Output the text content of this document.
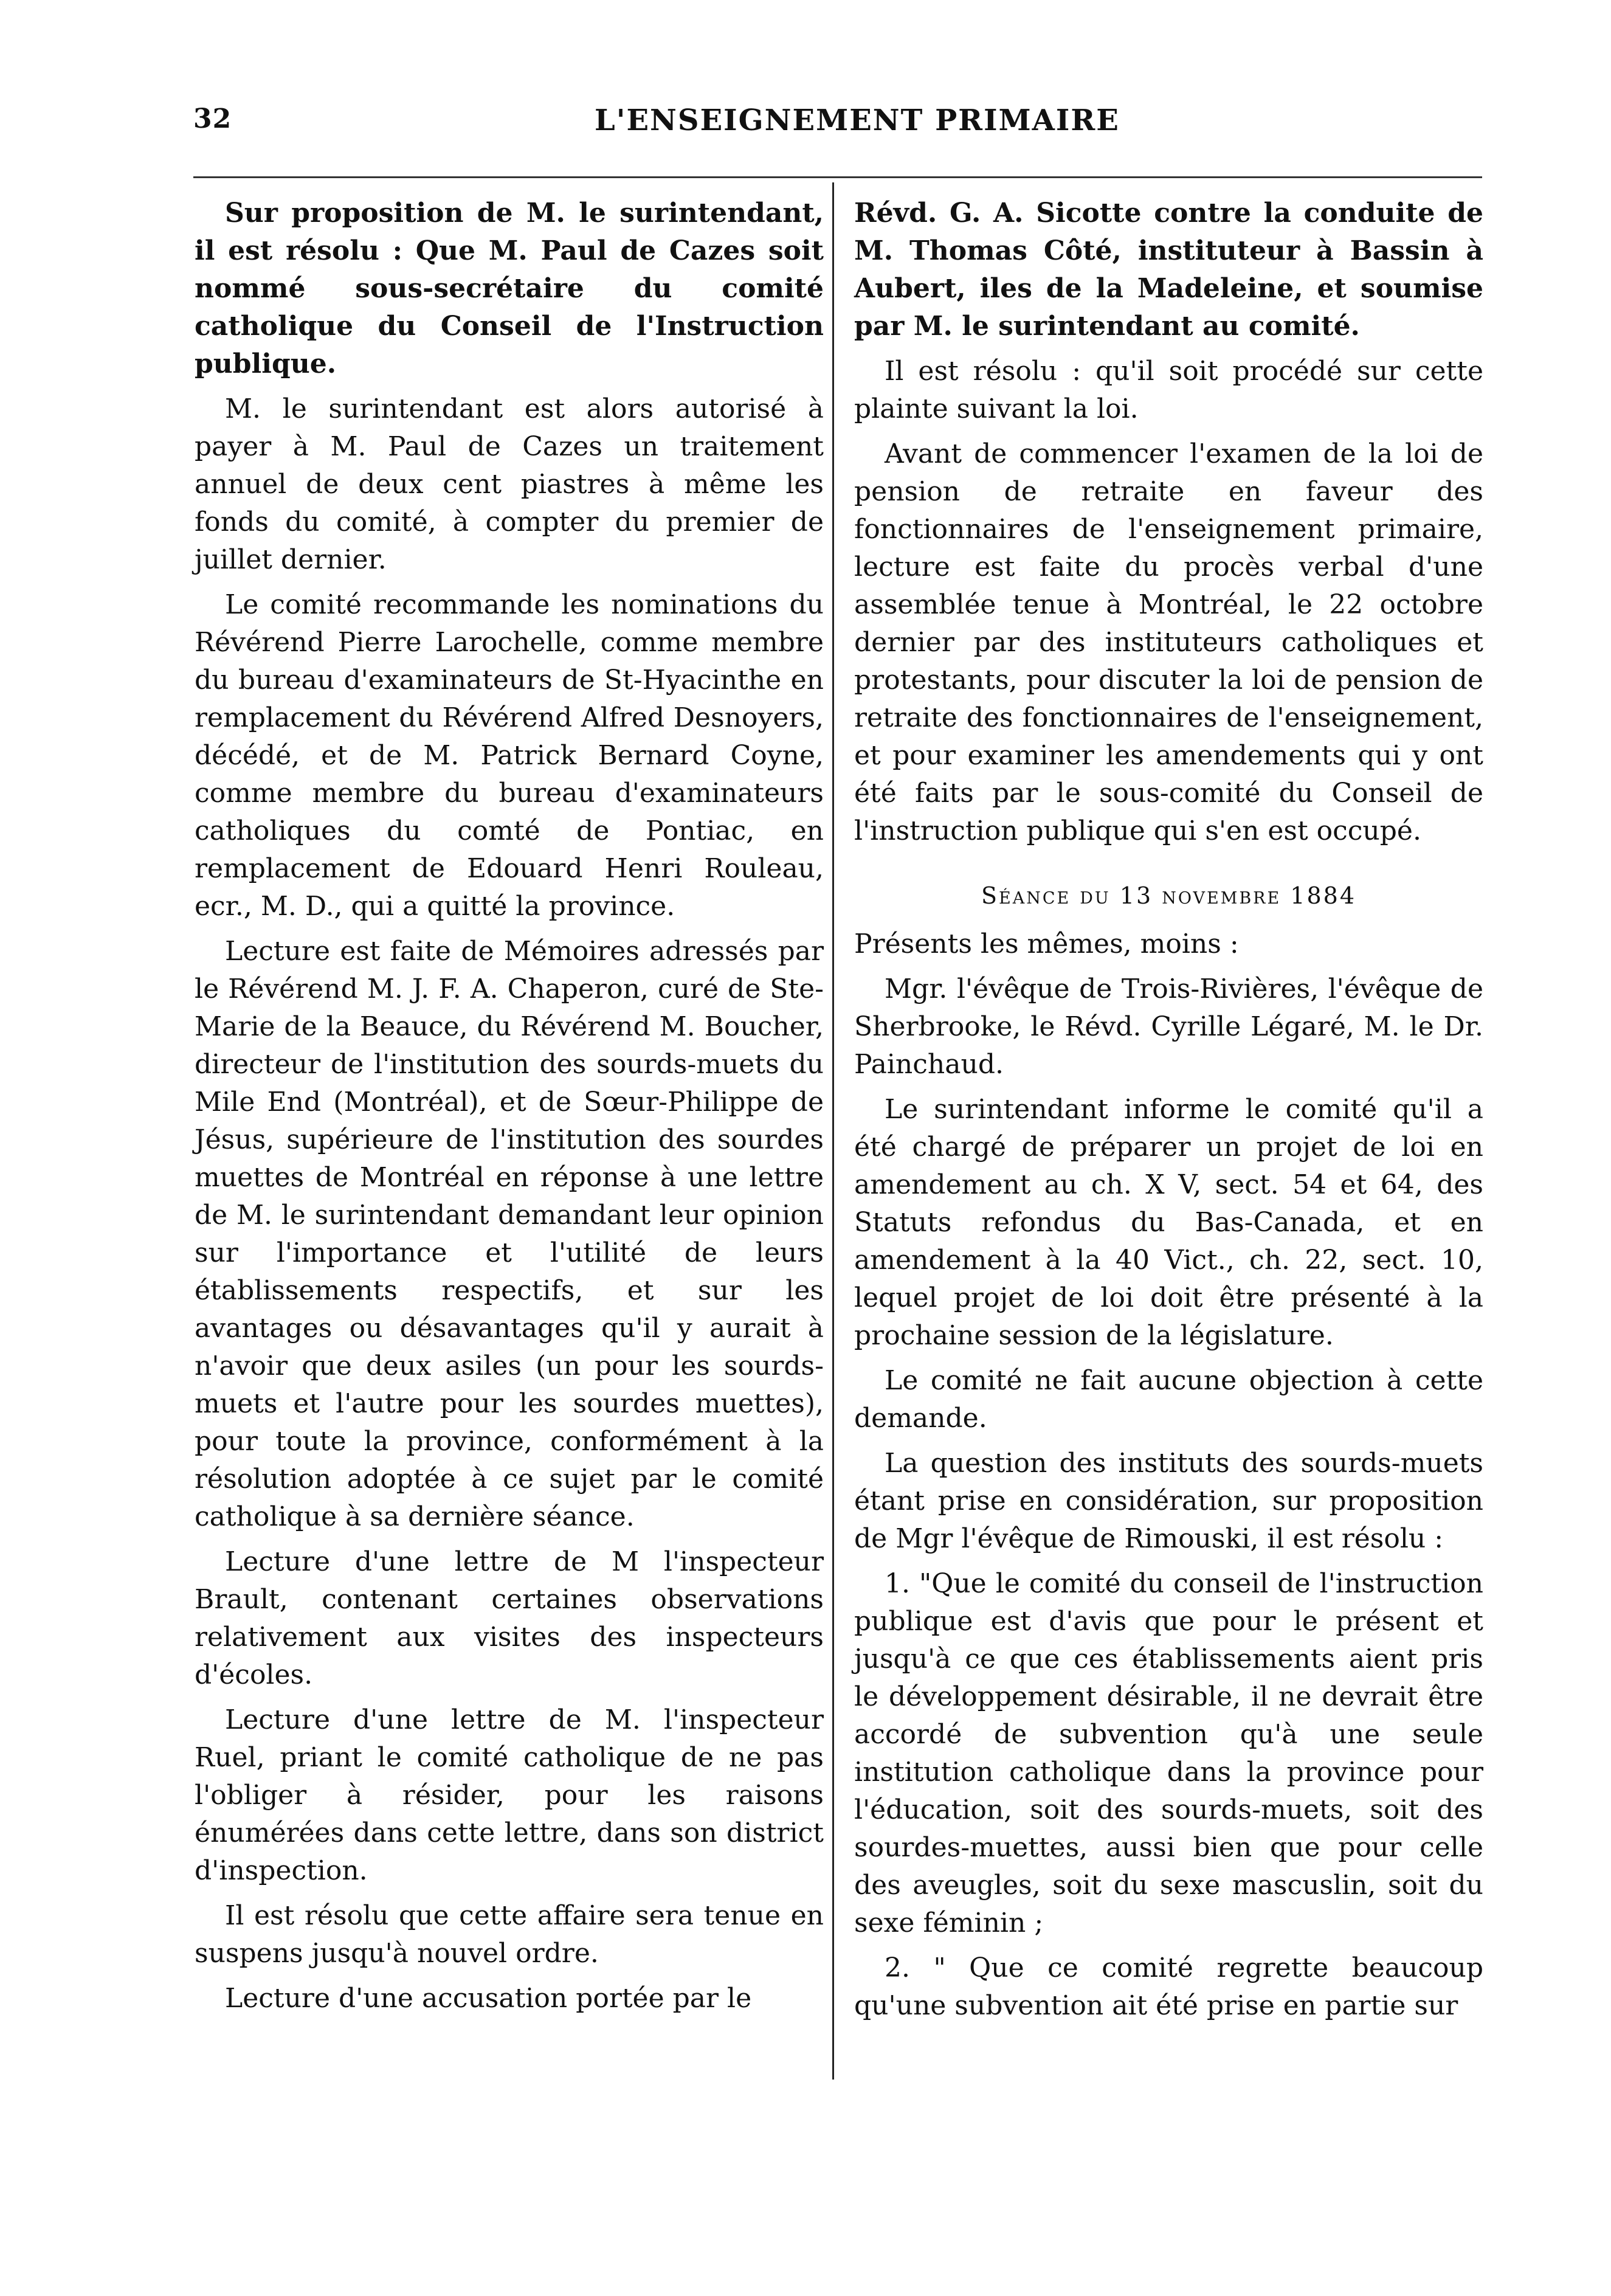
32	L'ENSEIGNEMENT PRIMAIRE

Sur proposition de M. le surintendant, il est résolu : Que M. Paul de Cazes soit nommé sous-secrétaire du comité catholique du Conseil de l'Instruction publique.

M. le surintendant est alors autorisé à payer à M. Paul de Cazes un traitement annuel de deux cent piastres à même les fonds du comité, à compter du premier de juillet dernier.

Le comité recommande les nominations du Révérend Pierre Larochelle, comme membre du bureau d'examinateurs de St-Hyacinthe en remplacement du Révérend Alfred Desnoyers, décédé, et de M. Patrick Bernard Coyne, comme membre du bureau d'examinateurs catholiques du comté de Pontiac, en remplacement de Edouard Henri Rouleau, ecr., M. D., qui a quitté la province.

Lecture est faite de Mémoires adressés par le Révérend M. J. F. A. Chaperon, curé de Ste-Marie de la Beauce, du Révérend M. Boucher, directeur de l'institution des sourds-muets du Mile End (Montréal), et de Sœur-Philippe de Jésus, supérieure de l'institution des sourdes muettes de Montréal en réponse à une lettre de M. le surintendant demandant leur opinion sur l'importance et l'utilité de leurs établissements respectifs, et sur les avantages ou désavantages qu'il y aurait à n'avoir que deux asiles (un pour les sourds-muets et l'autre pour les sourdes muettes), pour toute la province, conformément à la résolution adoptée à ce sujet par le comité catholique à sa dernière séance.

Lecture d'une lettre de M l'inspecteur Brault, contenant certaines observations relativement aux visites des inspecteurs d'écoles.

Lecture d'une lettre de M. l'inspecteur Ruel, priant le comité catholique de ne pas l'obliger à résider, pour les raisons énumérées dans cette lettre, dans son district d'inspection.

Il est résolu que cette affaire sera tenue en suspens jusqu'à nouvel ordre.

Lecture d'une accusation portée par le

Révd. G. A. Sicotte contre la conduite de M. Thomas Côté, instituteur à Bassin à Aubert, iles de la Madeleine, et soumise par M. le surintendant au comité.

Il est résolu : qu'il soit procédé sur cette plainte suivant la loi.

Avant de commencer l'examen de la loi de pension de retraite en faveur des fonctionnaires de l'enseignement primaire, lecture est faite du procès verbal d'une assemblée tenue à Montréal, le 22 octobre dernier par des instituteurs catholiques et protestants, pour discuter la loi de pension de retraite des fonctionnaires de l'enseignement, et pour examiner les amendements qui y ont été faits par le sous-comité du Conseil de l'instruction publique qui s'en est occupé.

Séance du 13 novembre 1884

Présents les mêmes, moins :

Mgr. l'évêque de Trois-Rivières, l'évêque de Sherbrooke, le Révd. Cyrille Légaré, M. le Dr. Painchaud.

Le surintendant informe le comité qu'il a été chargé de préparer un projet de loi en amendement au ch. X V, sect. 54 et 64, des Statuts refondus du Bas-Canada, et en amendement à la 40 Vict., ch. 22, sect. 10, lequel projet de loi doit être présenté à la prochaine session de la législature.

Le comité ne fait aucune objection à cette demande.

La question des instituts des sourds-muets étant prise en considération, sur proposition de Mgr l'évêque de Rimouski, il est résolu :

1. "Que le comité du conseil de l'instruction publique est d'avis que pour le présent et jusqu'à ce que ces établissements aient pris le développement désirable, il ne devrait être accordé de subvention qu'à une seule institution catholique dans la province pour l'éducation, soit des sourds-muets, soit des sourdes-muettes, aussi bien que pour celle des aveugles, soit du sexe mascuslin, soit du sexe féminin ;

2. " Que ce comité regrette beaucoup qu'une subvention ait été prise en partie sur
